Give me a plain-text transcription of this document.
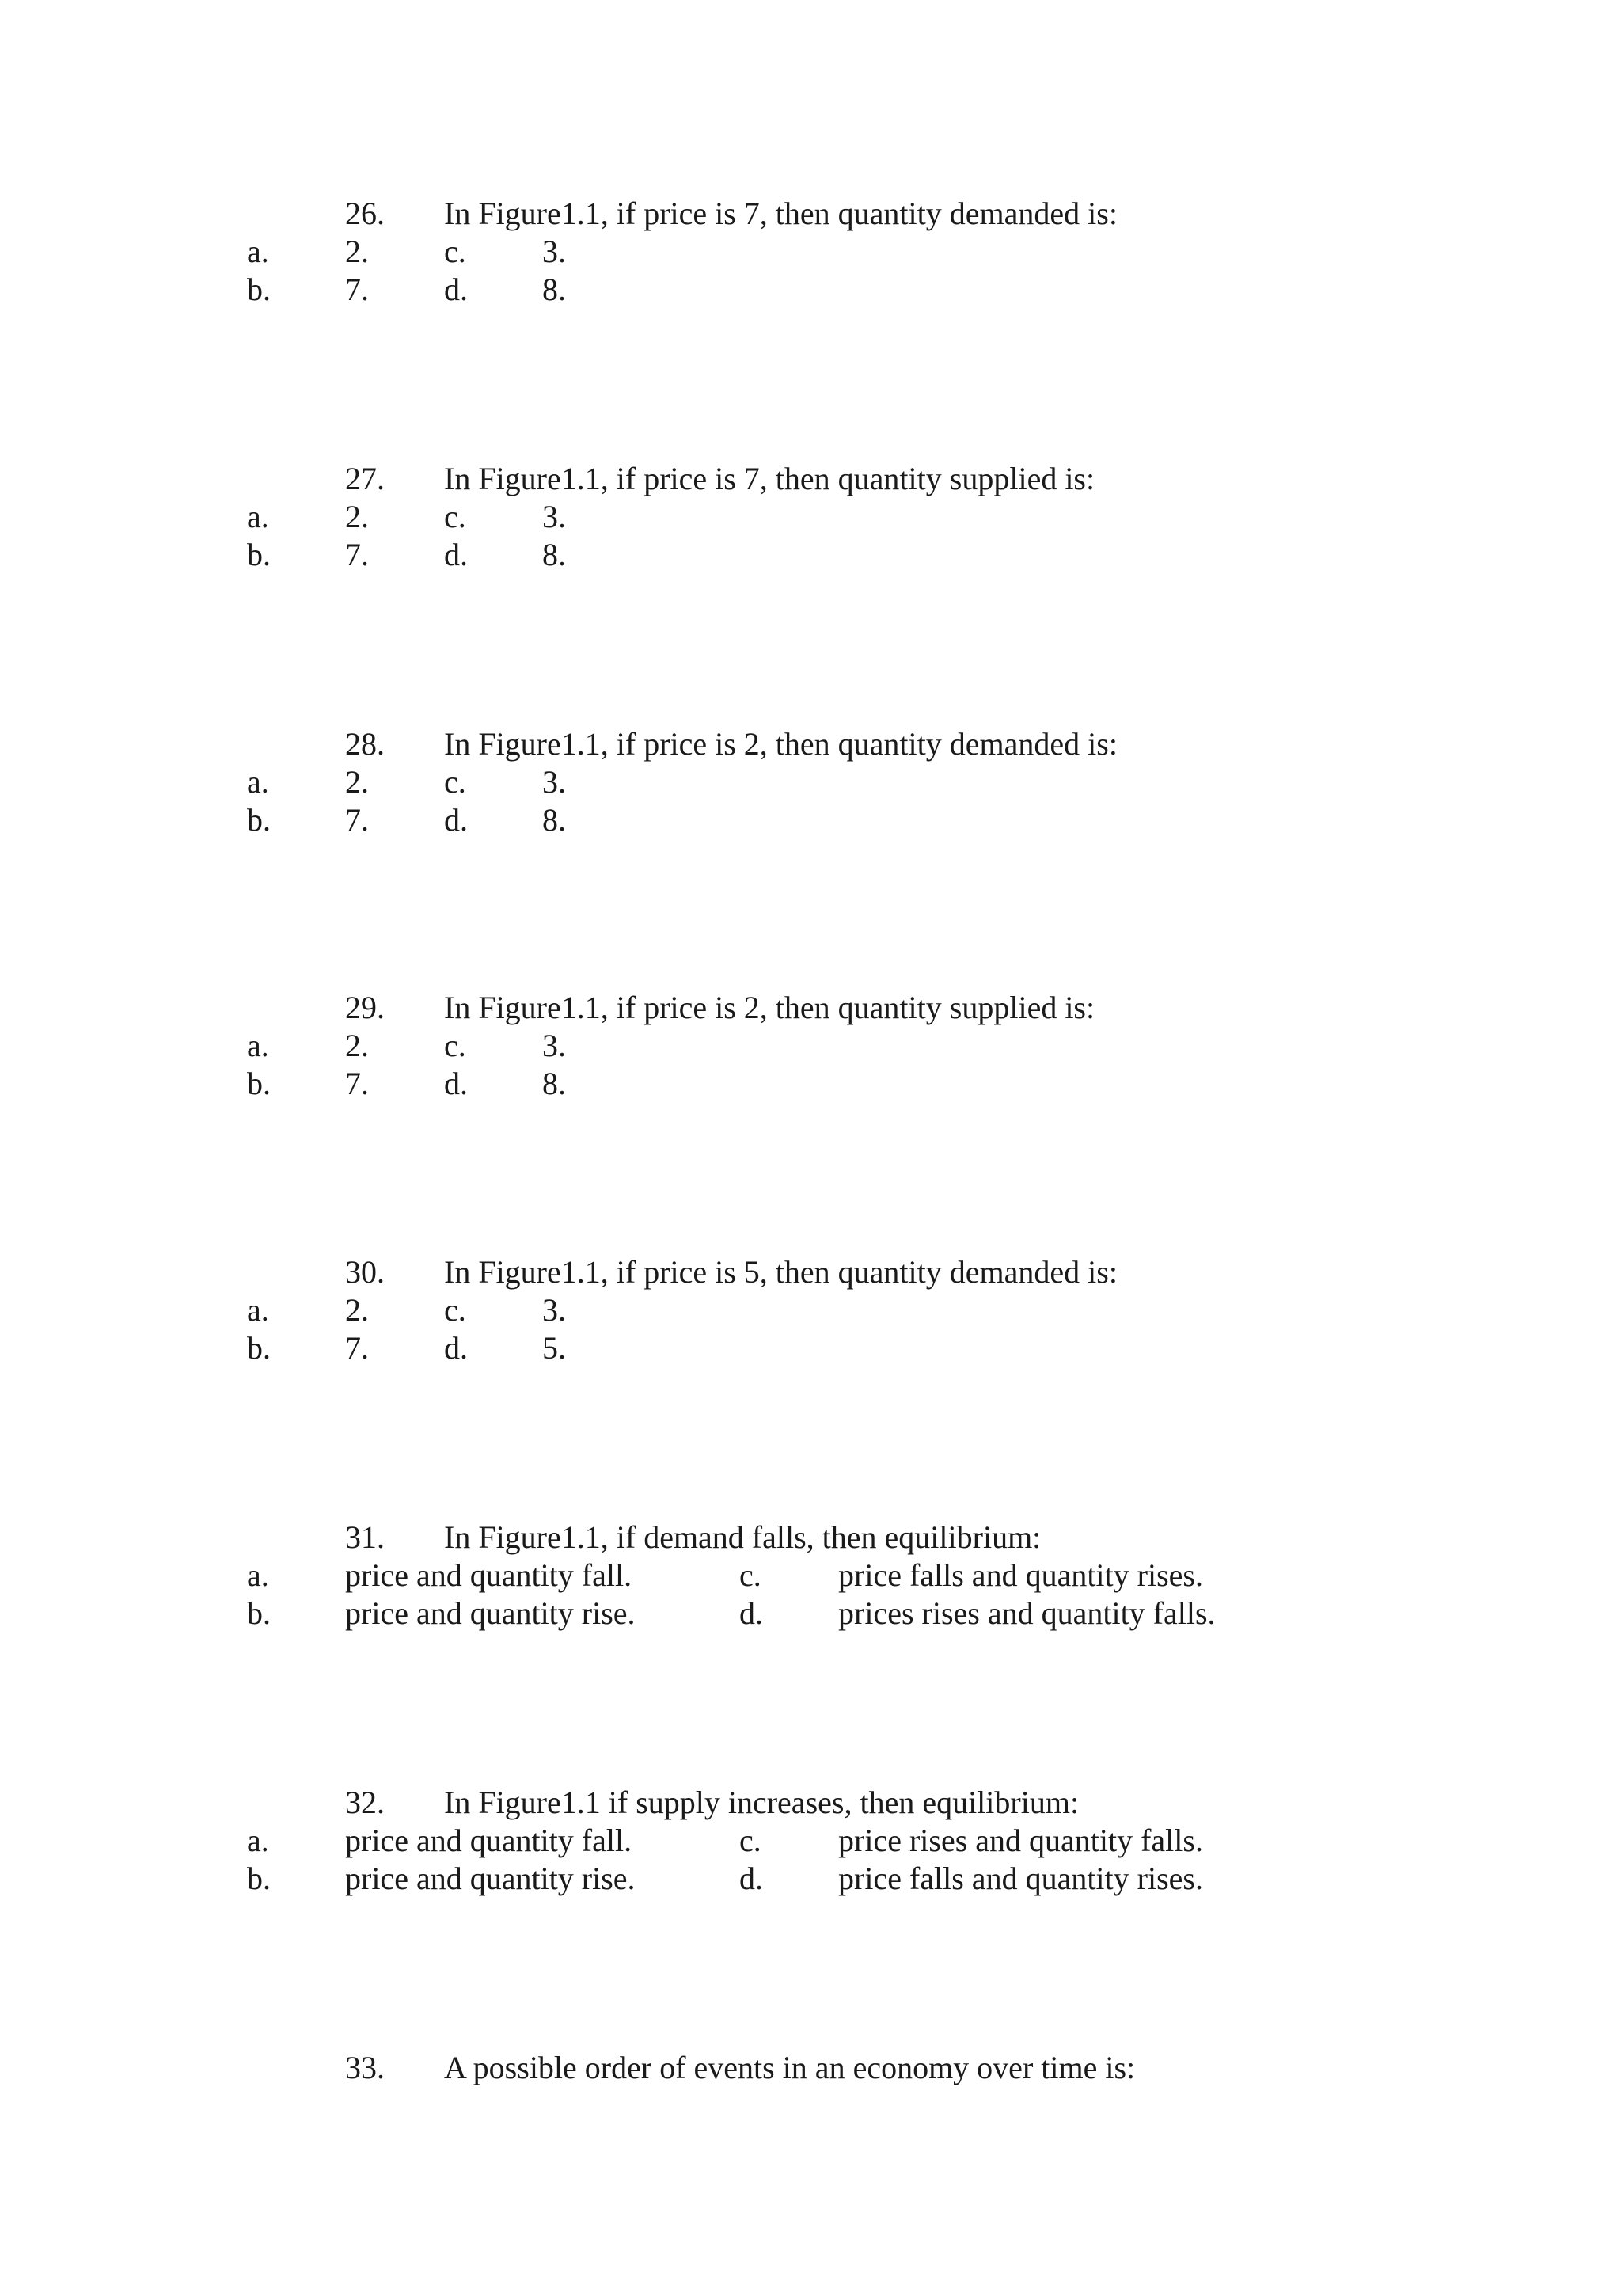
26. In Figure1.1, if price is 7, then quantity demanded is:
a. 2. c. 3.
b. 7. d. 8.
27. In Figure1.1, if price is 7, then quantity supplied is:
a. 2. c. 3.
b. 7. d. 8.
28. In Figure1.1, if price is 2, then quantity demanded is:
a. 2. c. 3.
b. 7. d. 8.
29. In Figure1.1, if price is 2, then quantity supplied is:
a. 2. c. 3.
b. 7. d. 8.
30. In Figure1.1, if price is 5, then quantity demanded is:
a. 2. c. 3.
b. 7. d. 5.
31. In Figure1.1, if demand falls, then equilibrium:
a. price and quantity fall.	c. price falls and quantity rises.
b. price and quantity rise.	d. prices rises and quantity falls.
32. In Figure1.1 if supply increases, then equilibrium:
a. price and quantity fall.	c. price rises and quantity falls.
b. price and quantity rise.	d. price falls and quantity rises.
33. A possible order of events in an economy over time is:
